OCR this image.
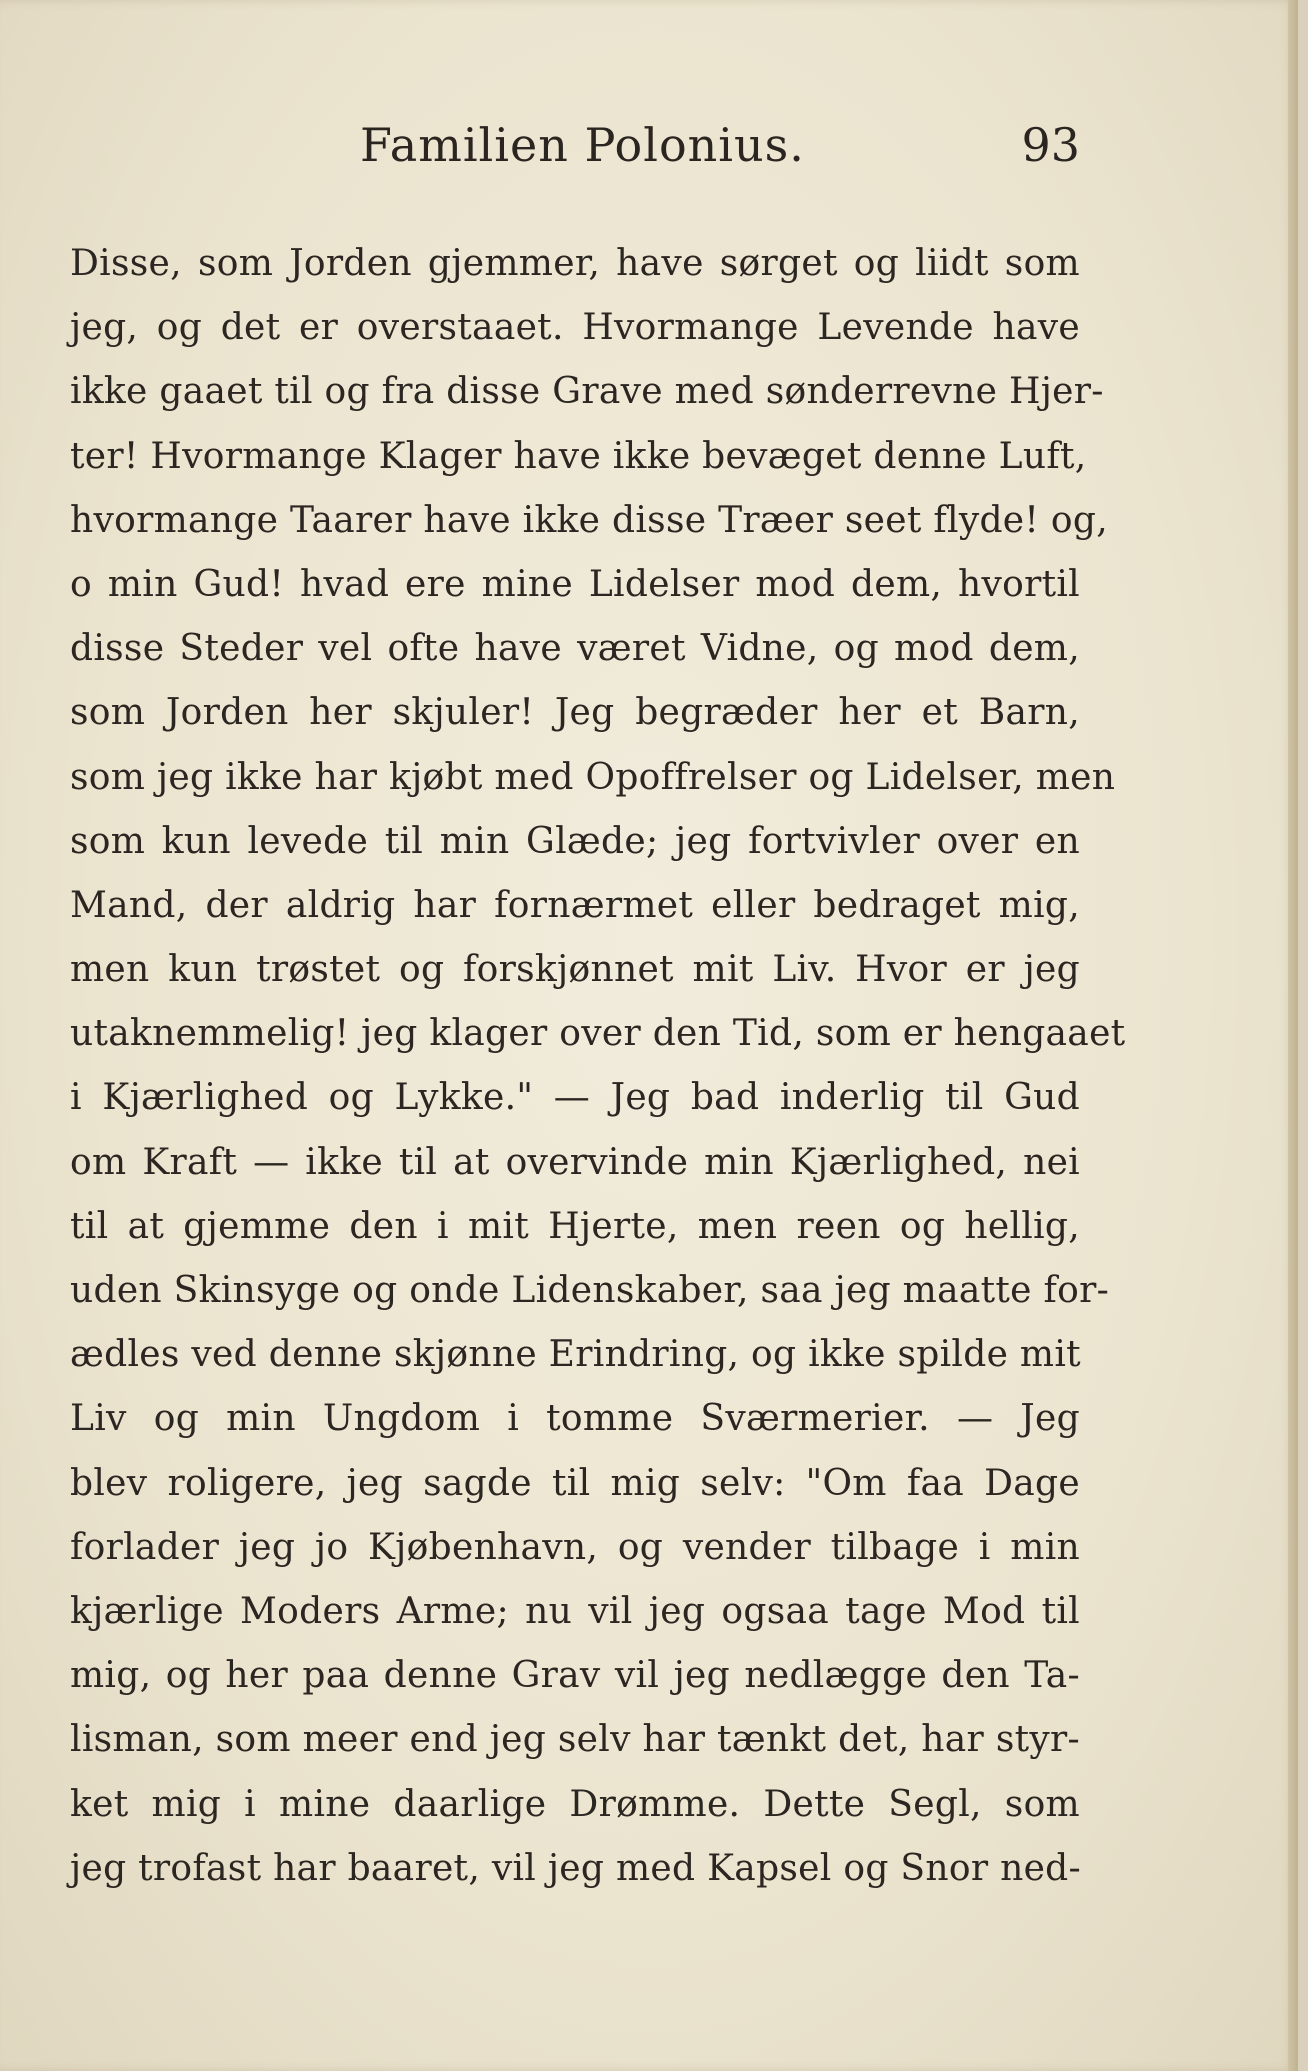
Familien Polonius.	93
Disse, som Jorden gjemmer, have sørget og liidt som
jeg, og det er overstaaet. Hvormange Levende have
ikke gaaet til og fra disse Grave med sønderrevne Hjer-
ter! Hvormange Klager have ikke bevæget denne Luft,
hvormange Taarer have ikke disse Træer seet flyde! og,
o min Gud! hvad ere mine Lidelser mod dem, hvortil
disse Steder vel ofte have været Vidne, og mod dem,
som Jorden her skjuler! Jeg begræder her et Barn,
som jeg ikke har kjøbt med Opoffrelser og Lidelser, men
som kun levede til min Glæde; jeg fortvivler over en
Mand, der aldrig har fornærmet eller bedraget mig,
men kun trøstet og forskjønnet mit Liv. Hvor er jeg
utaknemmelig! jeg klager over den Tid, som er hengaaet
i Kjærlighed og Lykke." — Jeg bad inderlig til Gud
om Kraft — ikke til at overvinde min Kjærlighed, nei
til at gjemme den i mit Hjerte, men reen og hellig,
uden Skinsyge og onde Lidenskaber, saa jeg maatte for-
ædles ved denne skjønne Erindring, og ikke spilde mit
Liv og min Ungdom i tomme Sværmerier. — Jeg
blev roligere, jeg sagde til mig selv: "Om faa Dage
forlader jeg jo Kjøbenhavn, og vender tilbage i min
kjærlige Moders Arme; nu vil jeg ogsaa tage Mod til
mig, og her paa denne Grav vil jeg nedlægge den Ta-
lisman, som meer end jeg selv har tænkt det, har styr-
ket mig i mine daarlige Drømme. Dette Segl, som
jeg trofast har baaret, vil jeg med Kapsel og Snor ned-
